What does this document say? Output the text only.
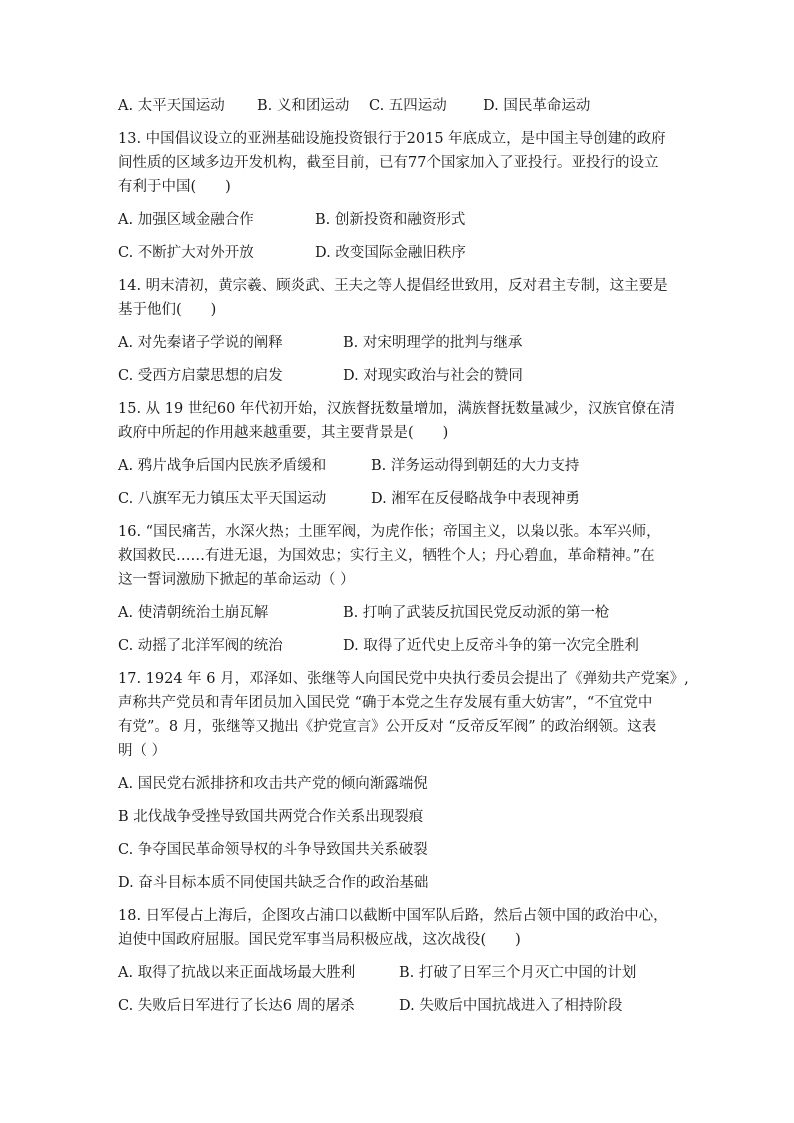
A. 太平天国运动	B. 义和团运动	C. 五四运动	D. 国民革命运动
13. 中国倡议设立的亚洲基础设施投资银行于2015 年底成立，是中国主导创建的政府
间性质的区域多边开发机构，截至目前，已有77个国家加入了亚投行。亚投行的设立
有利于中国(　　)
A. 加强区域金融合作	B. 创新投资和融资形式
C. 不断扩大对外开放	D. 改变国际金融旧秩序
14. 明末清初，黄宗羲、顾炎武、王夫之等人提倡经世致用，反对君主专制，这主要是
基于他们(　　)
A. 对先秦诸子学说的阐释	B. 对宋明理学的批判与继承
C. 受西方启蒙思想的启发	D. 对现实政治与社会的赞同
15. 从 19 世纪60 年代初开始，汉族督抚数量增加，满族督抚数量减少，汉族官僚在清
政府中所起的作用越来越重要，其主要背景是(　　)
A. 鸦片战争后国内民族矛盾缓和	B. 洋务运动得到朝廷的大力支持
C. 八旗军无力镇压太平天国运动	D. 湘军在反侵略战争中表现神勇
16. “国民痛苦，水深火热；土匪军阀，为虎作伥；帝国主义，以枭以张。本军兴师，
救国救民……有进无退，为国效忠；实行主义，牺牲个人；丹心碧血，革命精神。”在
这一誓词激励下掀起的革命运动（ ）
A. 使清朝统治土崩瓦解	B. 打响了武装反抗国民党反动派的第一枪
C. 动摇了北洋军阀的统治	D. 取得了近代史上反帝斗争的第一次完全胜利
17. 1924 年 6 月，邓泽如、张继等人向国民党中央执行委员会提出了《弹劾共产党案》,
声称共产党员和青年团员加入国民党 “确于本党之生存发展有重大妨害”，“不宜党中
有党”。8 月，张继等又抛出《护党宣言》公开反对 “反帝反军阀” 的政治纲领。这表
明（ ）
A. 国民党右派排挤和攻击共产党的倾向渐露端倪
B 北伐战争受挫导致国共两党合作关系出现裂痕
C. 争夺国民革命领导权的斗争导致国共关系破裂
D. 奋斗目标本质不同使国共缺乏合作的政治基础
18. 日军侵占上海后，企图攻占浦口以截断中国军队后路，然后占领中国的政治中心，
迫使中国政府屈服。国民党军事当局积极应战，这次战役(　　)
A. 取得了抗战以来正面战场最大胜利	B. 打破了日军三个月灭亡中国的计划
C. 失败后日军进行了长达6 周的屠杀	D. 失败后中国抗战进入了相持阶段
